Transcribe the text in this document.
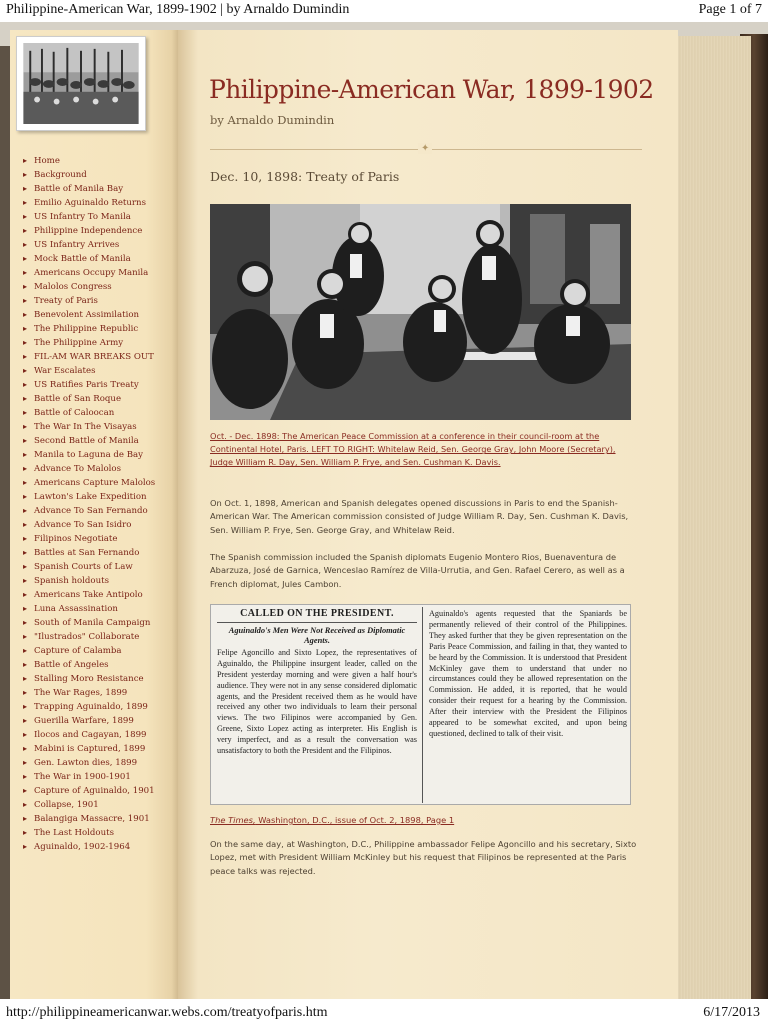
Philippine-American War, 1899-1902 | by Arnaldo Dumindin	Page 1 of 7
▸ Home
▸ Background
▸ Battle of Manila Bay
▸ Emilio Aguinaldo Returns
▸ US Infantry To Manila
▸ Philippine Independence
▸ US Infantry Arrives
▸ Mock Battle of Manila
▸ Americans Occupy Manila
▸ Malolos Congress
▸ Treaty of Paris
▸ Benevolent Assimilation
▸ The Philippine Republic
▸ The Philippine Army
▸ FIL-AM WAR BREAKS OUT
▸ War Escalates
▸ US Ratifies Paris Treaty
▸ Battle of San Roque
▸ Battle of Caloocan
▸ The War In The Visayas
▸ Second Battle of Manila
▸ Manila to Laguna de Bay
▸ Advance To Malolos
▸ Americans Capture Malolos
▸ Lawton's Lake Expedition
▸ Advance To San Fernando
▸ Advance To San Isidro
▸ Filipinos Negotiate
▸ Battles at San Fernando
▸ Spanish Courts of Law
▸ Spanish holdouts
▸ Americans Take Antipolo
▸ Luna Assassination
▸ South of Manila Campaign
▸ "Ilustrados" Collaborate
▸ Capture of Calamba
▸ Battle of Angeles
▸ Stalling Moro Resistance
▸ The War Rages, 1899
▸ Trapping Aguinaldo, 1899
▸ Guerilla Warfare, 1899
▸ Ilocos and Cagayan, 1899
▸ Mabini is Captured, 1899
▸ Gen. Lawton dies, 1899
▸ The War in 1900-1901
▸ Capture of Aguinaldo, 1901
▸ Collapse, 1901
▸ Balangiga Massacre, 1901
▸ The Last Holdouts
▸ Aguinaldo, 1902-1964
Philippine-American War, 1899-1902
by Arnaldo Dumindin
✦
Dec. 10, 1898: Treaty of Paris
Oct. - Dec. 1898: The American Peace Commission at a conference in their council-room at the Continental Hotel, Paris. LEFT TO RIGHT: Whitelaw Reid, Sen. George Gray, John Moore (Secretary), Judge William R. Day, Sen. William P. Frye, and Sen. Cushman K. Davis.
On Oct. 1, 1898, American and Spanish delegates opened discussions in Paris to end the Spanish-American War. The American commission consisted of Judge William R. Day, Sen. Cushman K. Davis, Sen. William P. Frye, Sen. George Gray, and Whitelaw Reid.
The Spanish commission included the Spanish diplomats Eugenio Montero Rios, Buenaventura de Abarzuza, José de Garnica, Wenceslao Ramírez de Villa-Urrutia, and Gen. Rafael Cerero, as well as a French diplomat, Jules Cambon.
CALLED ON THE PRESIDENT.
Aguinaldo's Men Were Not Received as Diplomatic Agents.
Felipe Agoncillo and Sixto Lopez, the representatives of Aguinaldo, the Philippine insurgent leader, called on the President yesterday morning and were given a half hour's audience. They were not in any sense considered diplomatic agents, and the President received them as he would have received any other two individuals to learn their personal views. The two Filipinos were accompanied by Gen. Greene, Sixto Lopez acting as interpreter. His English is very imperfect, and as a result the conversation was unsatisfactory to both the President and the Filipinos.
Aguinaldo's agents requested that the Spaniards be permanently relieved of their control of the Philippines. They asked further that they be given representation on the Paris Peace Commission, and failing in that, they wanted to be heard by the Commission. It is understood that President McKinley gave them to understand that under no circumstances could they be allowed representation on the Commission. He added, it is reported, that he would consider their request for a hearing by the Commission. After their interview with the President the Filipinos appeared to be somewhat excited, and upon being questioned, declined to talk of their visit.
The Times, Washington, D.C., issue of Oct. 2, 1898, Page 1
On the same day, at Washington, D.C., Philippine ambassador Felipe Agoncillo and his secretary, Sixto Lopez, met with President William McKinley but his request that Filipinos be represented at the Paris peace talks was rejected.
http://philippineamericanwar.webs.com/treatyofparis.htm	6/17/2013
